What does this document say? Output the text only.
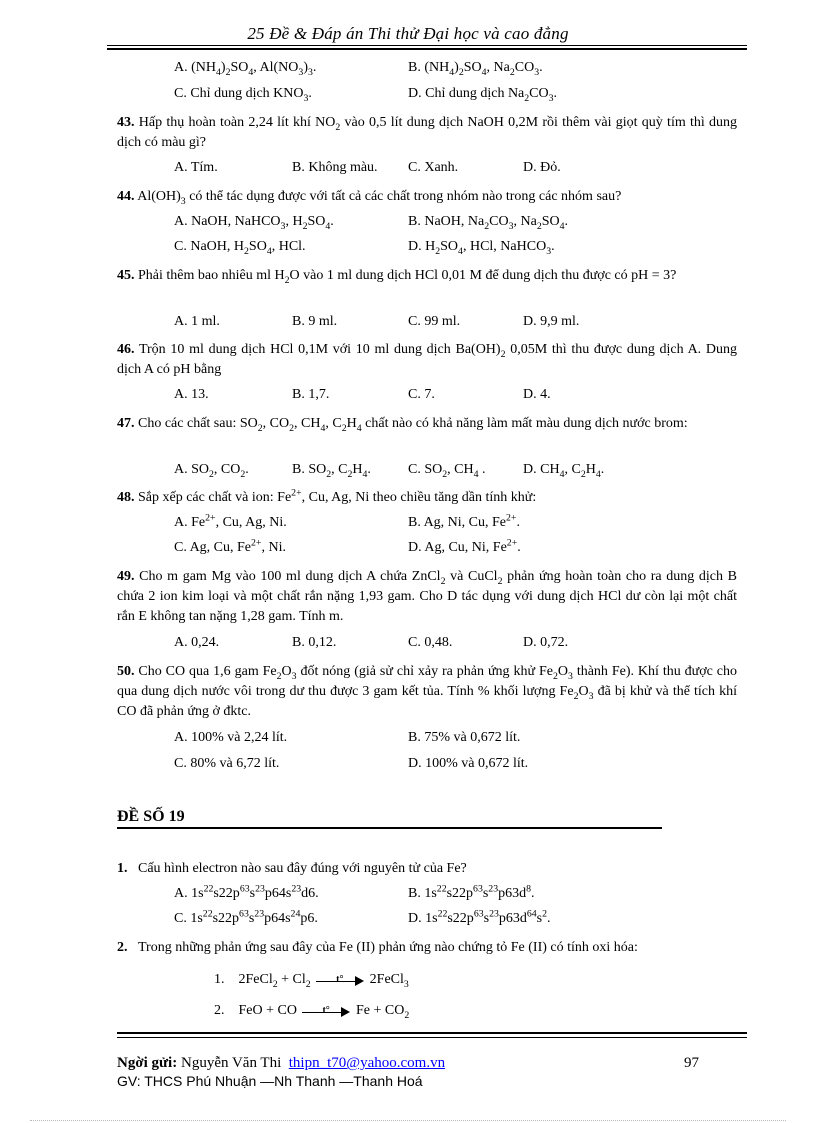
25 Đề & Đáp án Thi thử Đại học và cao đẳng
A. $(NH_4)_2SO_4$, $Al(NO_3)_3$.	B. $(NH_4)_2SO_4$, $Na_2CO_3$.
C. Chỉ dung dịch $KNO_3$.	D. Chỉ dung dịch $Na_2CO_3$.
43. Hấp thụ hoàn toàn 2,24 lít khí $NO_2$ vào 0,5 lít dung dịch NaOH 0,2M rồi thêm vài giọt quỳ tím thì dung dịch có màu gì?
A. Tím.	B. Không màu. C. Xanh.	D. Đỏ.
44. $Al(OH)_3$ có thể tác dụng được với tất cả các chất trong nhóm nào trong các nhóm sau?
A. NaOH, NaHCO$_3$, $H_2SO_4$.	B. NaOH, $Na_2CO_3$, $Na_2SO_4$.
C. NaOH, $H_2SO_4$, HCl.	D. $H_2SO_4$, HCl, NaHCO$_3$.
45. Phải thêm bao nhiêu ml $H_2O$ vào 1 ml dung dịch HCl 0,01 M để dung dịch thu được có pH = 3?
A. 1 ml.	B. 9 ml.	C. 99 ml.	D. 9,9 ml.
46. Trộn 10 ml dung dịch HCl 0,1M với 10 ml dung dịch $Ba(OH)_2$ 0,05M thì thu được dung dịch A. Dung dịch A có pH bằng
A. 13.	B. 1,7.	C. 7.	D. 4.
47. Cho các chất sau: $SO_2$, $CO_2$, $CH_4$, $C_2H_4$ chất nào có khả năng làm mất màu dung dịch nước brom:
A. $SO_2$, $CO_2$.	B. $SO_2$, $C_2H_4$.	C. $SO_2$, $CH_4$ .	D. $CH_4$, $C_2H_4$.
48. Sắp xếp các chất và ion: $Fe^{2+}$, Cu, Ag, Ni theo chiều tăng dần tính khử:
A. $Fe^{2+}$, Cu, Ag, Ni.	B. Ag, Ni, Cu, $Fe^{2+}$.
C. Ag, Cu, $Fe^{2+}$, Ni.	D. Ag, Cu, Ni, $Fe^{2+}$.
49. Cho m gam Mg vào 100 ml dung dịch A chứa ZnCl$_2$ và CuCl$_2$ phản ứng hoàn toàn cho ra dung dịch B chứa 2 ion kim loại và một chất rắn nặng 1,93 gam. Cho D tác dụng với dung dịch HCl dư còn lại một chất rắn E không tan nặng 1,28 gam. Tính m.
A. 0,24.	B. 0,12.	C. 0,48.	D. 0,72.
50. Cho CO qua 1,6 gam $Fe_2O_3$ đốt nóng (giả sử chỉ xảy ra phản ứng khử $Fe_2O_3$ thành Fe). Khí thu được cho qua dung dịch nước vôi trong dư thu được 3 gam kết tủa. Tính % khối lượng $Fe_2O_3$ đã bị khử và thể tích khí CO đã phản ứng ở đktc.
A. 100% và 2,24 lít.	B. 75% và 0,672 lít.
C. 80% và 6,72 lít.	D. 100% và 0,672 lít.
ĐỀ SỐ 19
1. Cấu hình electron nào sau đây đúng với nguyên tử của Fe?
A. $1s^{22}s22p^{63}s^{23}p64s^{23}d6$.	B. $1s^{22}s22p^{63}s^{23}p63d^8$.
C. $1s^{22}s22p^{63}s^{23}p64s^{24}p6$.	D. $1s^{22}s22p^{63}s^{23}p63d^{64}s^2$.
2. Trong những phản ứng sau đây của Fe (II) phản ứng nào chứng tỏ Fe (II) có tính oxi hóa:
1. 2FeCl$_2$ + $Cl_2$	t° 2FeCl$_3$
2. FeO + CO	t° $Fe + CO_2$
Ngời gửi: Nguyễn Văn Thi thipn_t70@yahoo.com.vn	97
GV: THCS Phú Nhuận —Nh Thanh —Thanh Hoá
